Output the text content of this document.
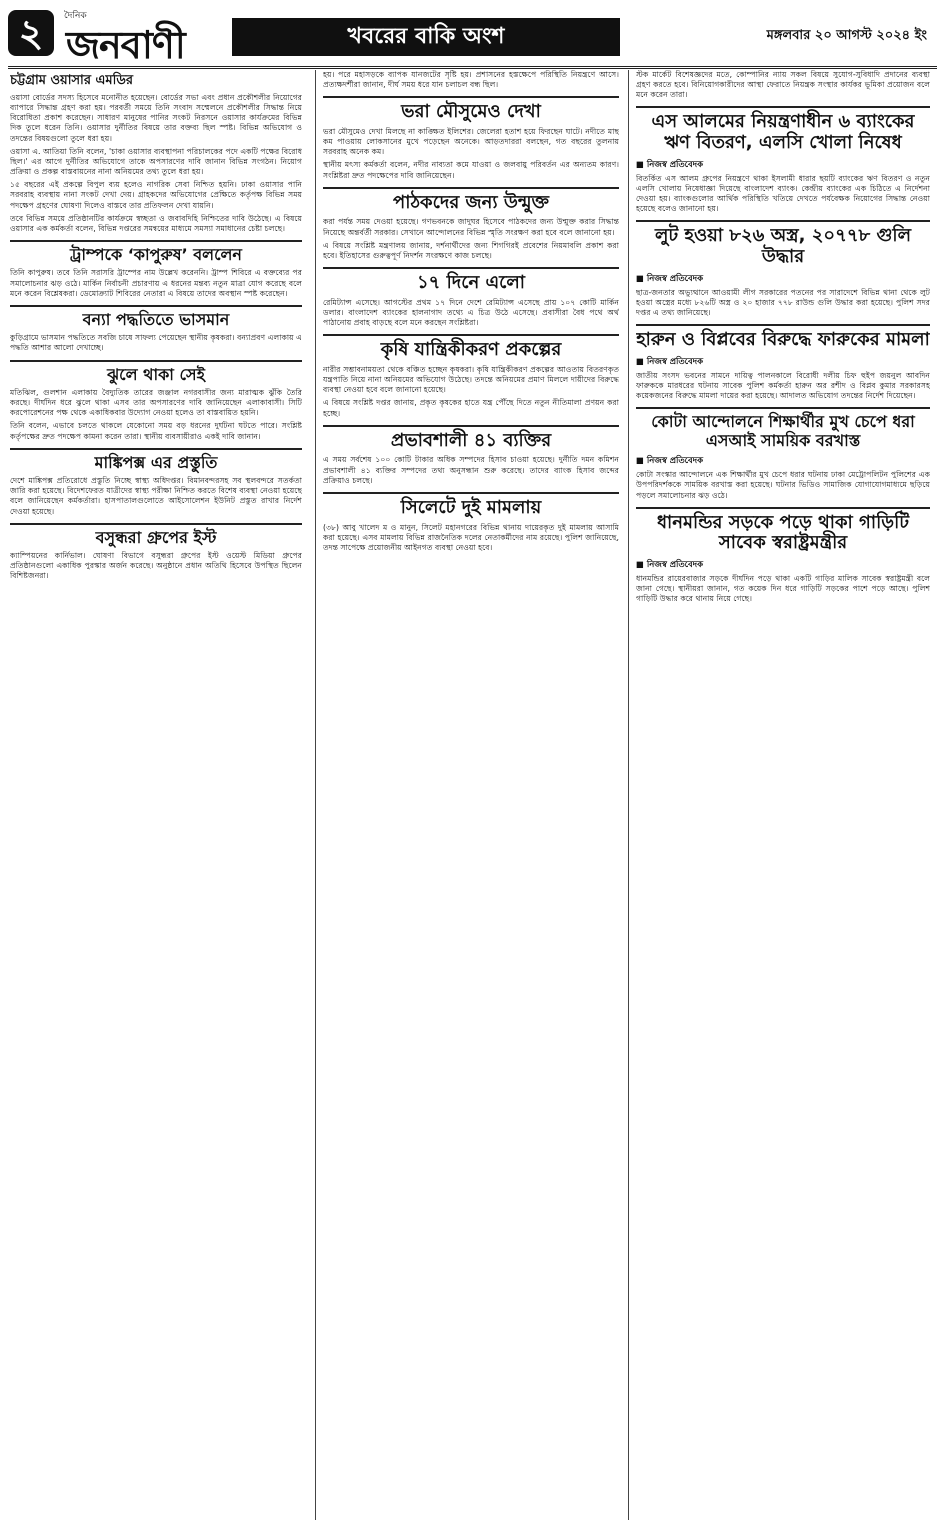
২	দৈনিক
জনবাণী	খবরের বাকি অংশ	মঙ্গলবার ২০ আগস্ট ২০২৪ ইং
চট্টগ্রাম ওয়াসার এমডির

ওয়াসা বোর্ডের সদস্য হিসেবে মনোনীত হয়েছেন। বোর্ডের সভা এবং প্রধান প্রকৌশলীর নিয়োগের ব্যাপারে সিদ্ধান্ত গ্রহণ করা হয়। পরবর্তী সময়ে তিনি সংবাদ সম্মেলনে প্রকৌশলীর সিদ্ধান্ত নিয়ে বিরোধিতা প্রকাশ করেছেন। সাধারণ মানুষের পানির সংকট নিরসনে ওয়াসার কার্যক্রমের বিভিন্ন দিক তুলে ধরেন তিনি। ওয়াসার দুর্নীতির বিষয়ে তার বক্তব্য ছিল স্পষ্ট। বিভিন্ন অভিযোগ ও তদন্তের বিষয়গুলো তুলে ধরা হয়।

ওয়াসা এ. আতিয়া তিনি বলেন, 'চাকা ওয়াসার ব্যবস্থাপনা পরিচালকের পদে একটি পক্ষের বিরোধ ছিল।' এর আগে দুর্নীতির অভিযোগে তাকে অপসারণের দাবি জানান বিভিন্ন সংগঠন। নিয়োগ প্রক্রিয়া ও প্রকল্প বাস্তবায়নের নানা অনিয়মের তথ্য তুলে ধরা হয়।

১৫ বছরের এই প্রকল্পে বিপুল ব্যয় হলেও নাগরিক সেবা নিশ্চিত হয়নি। ঢাকা ওয়াসার পানি সরবরাহ ব্যবস্থায় নানা সংকট দেখা দেয়। গ্রাহকদের অভিযোগের প্রেক্ষিতে কর্তৃপক্ষ বিভিন্ন সময় পদক্ষেপ গ্রহণের ঘোষণা দিলেও বাস্তবে তার প্রতিফলন দেখা যায়নি।

তবে বিভিন্ন সময়ে প্রতিষ্ঠানটির কার্যক্রমে স্বচ্ছতা ও জবাবদিহি নিশ্চিতের দাবি উঠেছে। এ বিষয়ে ওয়াসার এক কর্মকর্তা বলেন, বিভিন্ন দপ্তরের সমন্বয়ের মাধ্যমে সমস্যা সমাধানের চেষ্টা চলছে।

ট্রাম্পকে ‘কাপুরুষ’ বললেন

তিনি কাপুরুষ। তবে তিনি সরাসরি ট্রাম্পের নাম উল্লেখ করেননি। ট্রাম্প শিবিরে এ বক্তব্যের পর সমালোচনার ঝড় ওঠে। মার্কিন নির্বাচনী প্রচারণায় এ ধরনের মন্তব্য নতুন মাত্রা যোগ করেছে বলে মনে করেন বিশ্লেষকরা। ডেমোক্র্যাট শিবিরের নেতারা এ বিষয়ে তাদের অবস্থান স্পষ্ট করেছেন।

বন্যা পদ্ধতিতে ভাসমান

কুড়িগ্রামে ভাসমান পদ্ধতিতে সবজি চাষে সাফল্য পেয়েছেন স্থানীয় কৃষকরা। বন্যাপ্রবণ এলাকায় এ পদ্ধতি আশার আলো দেখাচ্ছে।

ঝুলে থাকা সেই

মতিঝিল, গুলশান এলাকায় বৈদ্যুতিক তারের জঞ্জাল নগরবাসীর জন্য মারাত্মক ঝুঁকি তৈরি করছে। দীর্ঘদিন ধরে ঝুলে থাকা এসব তার অপসারণের দাবি জানিয়েছেন এলাকাবাসী। সিটি করপোরেশনের পক্ষ থেকে একাধিকবার উদ্যোগ নেওয়া হলেও তা বাস্তবায়িত হয়নি।

তিনি বলেন, এভাবে চলতে থাকলে যেকোনো সময় বড় ধরনের দুর্ঘটনা ঘটতে পারে। সংশ্লিষ্ট কর্তৃপক্ষের দ্রুত পদক্ষেপ কামনা করেন তারা। স্থানীয় ব্যবসায়ীরাও একই দাবি জানান।

মাঙ্কিপক্স এর প্রস্তুতি

দেশে মাঙ্কিপক্স প্রতিরোধে প্রস্তুতি নিচ্ছে স্বাস্থ্য অধিদপ্তর। বিমানবন্দরসহ সব স্থলবন্দরে সতর্কতা জারি করা হয়েছে। বিদেশফেরত যাত্রীদের স্বাস্থ্য পরীক্ষা নিশ্চিত করতে বিশেষ ব্যবস্থা নেওয়া হয়েছে বলে জানিয়েছেন কর্মকর্তারা। হাসপাতালগুলোতে আইসোলেশন ইউনিট প্রস্তুত রাখার নির্দেশ দেওয়া হয়েছে।

বসুন্ধরা গ্রুপের ইস্ট

ক্যাম্পিয়নের কার্নিভাল। ঘোষণা বিভাগে বসুন্ধরা গ্রুপের ইস্ট ওয়েস্ট মিডিয়া গ্রুপের প্রতিষ্ঠানগুলো একাধিক পুরস্কার অর্জন করেছে। অনুষ্ঠানে প্রধান অতিথি হিসেবে উপস্থিত ছিলেন বিশিষ্টজনরা।

হয়। পরে মহাসড়কে ব্যাপক যানজটের সৃষ্টি হয়। প্রশাসনের হস্তক্ষেপে পরিস্থিতি নিয়ন্ত্রণে আসে। প্রত্যক্ষদর্শীরা জানান, দীর্ঘ সময় ধরে যান চলাচল বন্ধ ছিল।

ভরা মৌসুমেও দেখা

ভরা মৌসুমেও দেখা মিলছে না কাঙ্ক্ষিত ইলিশের। জেলেরা হতাশ হয়ে ফিরছেন ঘাটে। নদীতে মাছ কম পাওয়ায় লোকসানের মুখে পড়েছেন অনেকে। আড়তদাররা বলছেন, গত বছরের তুলনায় সরবরাহ অনেক কম।

স্থানীয় মৎস্য কর্মকর্তা বলেন, নদীর নাব্যতা কমে যাওয়া ও জলবায়ু পরিবর্তন এর অন্যতম কারণ। সংশ্লিষ্টরা দ্রুত পদক্ষেপের দাবি জানিয়েছেন।

পাঠকদের জন্য উন্মুক্ত

করা পর্যন্ত সময় দেওয়া হয়েছে। গণভবনকে জাদুঘর হিসেবে পাঠকদের জন্য উন্মুক্ত করার সিদ্ধান্ত নিয়েছে অন্তর্বর্তী সরকার। সেখানে আন্দোলনের বিভিন্ন স্মৃতি সংরক্ষণ করা হবে বলে জানানো হয়।

এ বিষয়ে সংশ্লিষ্ট মন্ত্রণালয় জানায়, দর্শনার্থীদের জন্য শিগগিরই প্রবেশের নিয়মাবলি প্রকাশ করা হবে। ইতিহাসের গুরুত্বপূর্ণ নিদর্শন সংরক্ষণে কাজ চলছে।

১৭ দিনে এলো

রেমিট্যান্স এসেছে। আগস্টের প্রথম ১৭ দিনে দেশে রেমিট্যান্স এসেছে প্রায় ১০৭ কোটি মার্কিন ডলার। বাংলাদেশ ব্যাংকের হালনাগাদ তথ্যে এ চিত্র উঠে এসেছে। প্রবাসীরা বৈধ পথে অর্থ পাঠানোয় প্রবাহ বাড়ছে বলে মনে করছেন সংশ্লিষ্টরা।

কৃষি যান্ত্রিকীকরণ প্রকল্পের

নারীর সম্ভাবনাময়তা থেকে বঞ্চিত হচ্ছেন কৃষকরা। কৃষি যান্ত্রিকীকরণ প্রকল্পের আওতায় বিতরণকৃত যন্ত্রপাতি নিয়ে নানা অনিয়মের অভিযোগ উঠেছে। তদন্তে অনিয়মের প্রমাণ মিললে দায়ীদের বিরুদ্ধে ব্যবস্থা নেওয়া হবে বলে জানানো হয়েছে।

এ বিষয়ে সংশ্লিষ্ট দপ্তর জানায়, প্রকৃত কৃষকের হাতে যন্ত্র পৌঁছে দিতে নতুন নীতিমালা প্রণয়ন করা হচ্ছে।

প্রভাবশালী ৪১ ব্যক্তির

এ সময় সর্বশেষ ১০০ কোটি টাকার অধিক সম্পদের হিসাব চাওয়া হয়েছে। দুর্নীতি দমন কমিশন প্রভাবশালী ৪১ ব্যক্তির সম্পদের তথ্য অনুসন্ধান শুরু করেছে। তাদের ব্যাংক হিসাব জব্দের প্রক্রিয়াও চলছে।

সিলেটে দুই মামলায়

(৩৮) আবু খালেদ ম ও মানুন, সিলেট মহানগরের বিভিন্ন থানায় দায়েরকৃত দুই মামলায় আসামি করা হয়েছে। এসব মামলায় বিভিন্ন রাজনৈতিক দলের নেতাকর্মীদের নাম রয়েছে। পুলিশ জানিয়েছে, তদন্ত সাপেক্ষে প্রয়োজনীয় আইনগত ব্যবস্থা নেওয়া হবে।

স্টক মার্কেট বিশেষজ্ঞদের মতে, কোম্পানির ন্যায় সকল বিষয়ে সুযোগ-সুবিধাদি প্রদানের ব্যবস্থা গ্রহণ করতে হবে। বিনিয়োগকারীদের আস্থা ফেরাতে নিয়ন্ত্রক সংস্থার কার্যকর ভূমিকা প্রয়োজন বলে মনে করেন তারা।

এস আলমের নিয়ন্ত্রণাধীন ৬ ব্যাংকের ঋণ বিতরণ, এলসি খোলা নিষেধ
■ নিজস্ব প্রতিবেদক

বিতর্কিত এস আলম গ্রুপের নিয়ন্ত্রণে থাকা ইসলামী ধারার ছয়টি ব্যাংকের ঋণ বিতরণ ও নতুন এলসি খোলায় নিষেধাজ্ঞা দিয়েছে বাংলাদেশ ব্যাংক। কেন্দ্রীয় ব্যাংকের এক চিঠিতে এ নির্দেশনা দেওয়া হয়। ব্যাংকগুলোর আর্থিক পরিস্থিতি খতিয়ে দেখতে পর্যবেক্ষক নিয়োগের সিদ্ধান্ত নেওয়া হয়েছে বলেও জানানো হয়।

লুট হওয়া ৮২৬ অস্ত্র, ২০৭৭৮ গুলি উদ্ধার
■ নিজস্ব প্রতিবেদক

ছাত্র-জনতার অভ্যুত্থানে আওয়ামী লীগ সরকারের পতনের পর সারাদেশে বিভিন্ন থানা থেকে লুট হওয়া অস্ত্রের মধ্যে ৮২৬টি অস্ত্র ও ২০ হাজার ৭৭৮ রাউন্ড গুলি উদ্ধার করা হয়েছে। পুলিশ সদর দপ্তর এ তথ্য জানিয়েছে।

হারুন ও বিপ্লবের বিরুদ্ধে ফারুকের মামলা
■ নিজস্ব প্রতিবেদক

জাতীয় সংসদ ভবনের সামনে দায়িত্ব পালনকালে বিরোধী দলীয় চিফ হুইপ জয়নুল আবদিন ফারুককে মারধরের ঘটনায় সাবেক পুলিশ কর্মকর্তা হারুন অর রশীদ ও বিপ্লব কুমার সরকারসহ কয়েকজনের বিরুদ্ধে মামলা দায়ের করা হয়েছে। আদালত অভিযোগ তদন্তের নির্দেশ দিয়েছেন।

কোটা আন্দোলনে শিক্ষার্থীর মুখ চেপে ধরা এসআই সাময়িক বরখাস্ত
■ নিজস্ব প্রতিবেদক

কোটা সংস্কার আন্দোলনে এক শিক্ষার্থীর মুখ চেপে ধরার ঘটনায় ঢাকা মেট্রোপলিটন পুলিশের এক উপপরিদর্শককে সাময়িক বরখাস্ত করা হয়েছে। ঘটনার ভিডিও সামাজিক যোগাযোগমাধ্যমে ছড়িয়ে পড়লে সমালোচনার ঝড় ওঠে।

ধানমন্ডির সড়কে পড়ে থাকা গাড়িটি সাবেক স্বরাষ্ট্রমন্ত্রীর
■ নিজস্ব প্রতিবেদক

ধানমন্ডির রায়েরবাজার সড়কে দীর্ঘদিন পড়ে থাকা একটি গাড়ির মালিক সাবেক স্বরাষ্ট্রমন্ত্রী বলে জানা গেছে। স্থানীয়রা জানান, গত কয়েক দিন ধরে গাড়িটি সড়কের পাশে পড়ে আছে। পুলিশ গাড়িটি উদ্ধার করে থানায় নিয়ে গেছে।
